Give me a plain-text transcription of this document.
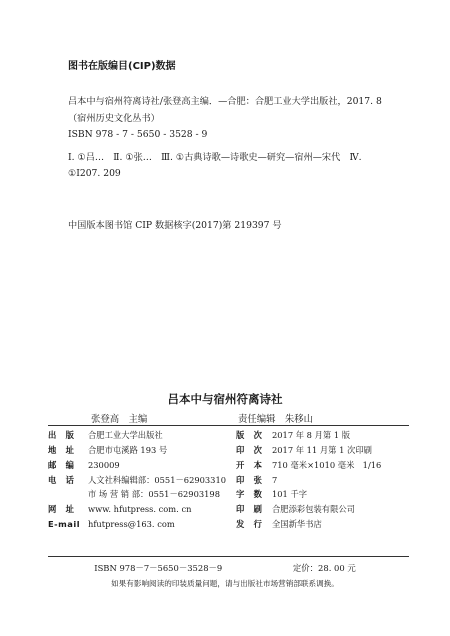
图书在版编目(CIP)数据
吕本中与宿州符离诗社/张登高主编．—合肥：合肥工业大学出版社，2017. 8
（宿州历史文化丛书）
ISBN 978 - 7 - 5650 - 3528 - 9
Ⅰ. ①吕…　Ⅱ. ①张…　Ⅲ. ①古典诗歌—诗歌史—研究—宿州—宋代　Ⅳ. ①I207. 209
中国版本图书馆 CIP 数据核字(2017)第 219397 号
吕本中与宿州符离诗社
张登高　主编	责任编辑　朱移山
出　版 合肥工业大学出版社	版　次 2017 年 8 月第 1 版
地　址 合肥市屯溪路 193 号	印　次 2017 年 11 月第 1 次印刷
邮　编 230009	开　本 710 毫米×1010 毫米　1/16
电　话 人文社科编辑部：0551－62903310 印　张 7
市 场 营 销 部：0551－62903198 字　数 101 千字
网　址 www. hfutpress. com. cn	印　刷 合肥添彩包装有限公司
E-mail hfutpress@163. com	发　行 全国新华书店
ISBN 978－7－5650－3528－9	定价：28. 00 元
如果有影响阅读的印装质量问题，请与出版社市场营销部联系调换。
